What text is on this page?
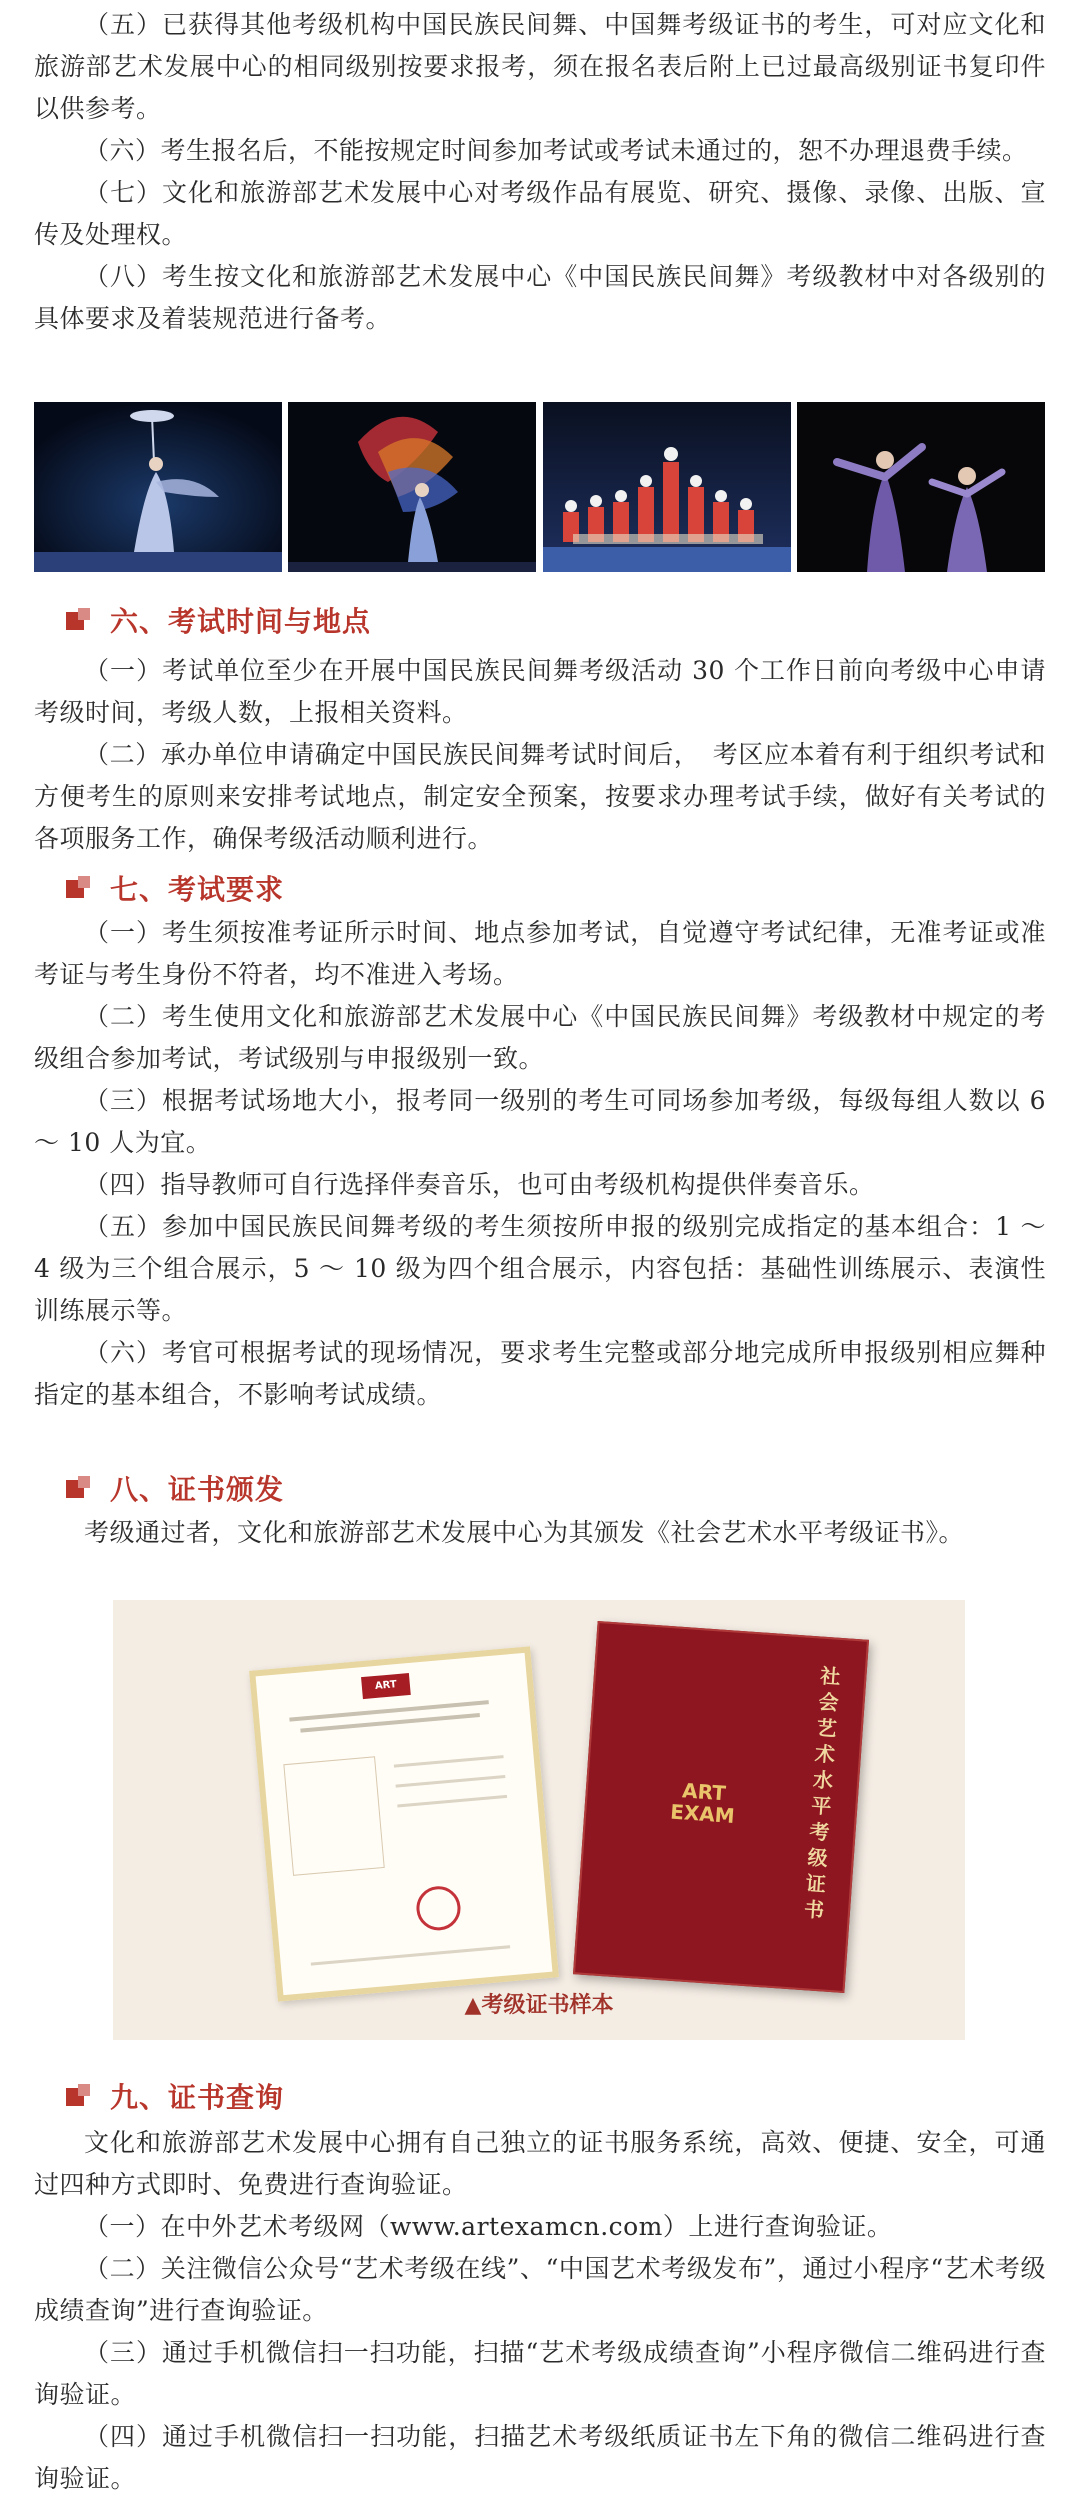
（五）已获得其他考级机构中国民族民间舞、中国舞考级证书的考生，可对应文化和旅游部艺术发展中心的相同级别按要求报考，须在报名表后附上已过最高级别证书复印件以供参考。

（六）考生报名后，不能按规定时间参加考试或考试未通过的，恕不办理退费手续。

（七）文化和旅游部艺术发展中心对考级作品有展览、研究、摄像、录像、出版、宣传及处理权。

（八）考生按文化和旅游部艺术发展中心《中国民族民间舞》考级教材中对各级别的具体要求及着装规范进行备考。

六、考试时间与地点

（一）考试单位至少在开展中国民族民间舞考级活动 30 个工作日前向考级中心申请考级时间，考级人数，上报相关资料。

（二）承办单位申请确定中国民族民间舞考试时间后，　考区应本着有利于组织考试和方便考生的原则来安排考试地点，制定安全预案，按要求办理考试手续，做好有关考试的各项服务工作，确保考级活动顺利进行。

七、考试要求

（一）考生须按准考证所示时间、地点参加考试，自觉遵守考试纪律，无准考证或准考证与考生身份不符者，均不准进入考场。

（二）考生使用文化和旅游部艺术发展中心《中国民族民间舞》考级教材中规定的考级组合参加考试，考试级别与申报级别一致。

（三）根据考试场地大小，报考同一级别的考生可同场参加考级，每级每组人数以 6 ～ 10 人为宜。

（四）指导教师可自行选择伴奏音乐，也可由考级机构提供伴奏音乐。

（五）参加中国民族民间舞考级的考生须按所申报的级别完成指定的基本组合：1 ～ 4 级为三个组合展示，5 ～ 10 级为四个组合展示，内容包括：基础性训练展示、表演性训练展示等。

（六）考官可根据考试的现场情况，要求考生完整或部分地完成所申报级别相应舞种指定的基本组合，不影响考试成绩。

八、证书颁发

考级通过者，文化和旅游部艺术发展中心为其颁发《社会艺术水平考级证书》。

ART
ART EXAM
社会艺术水平考级证书
▲考级证书样本
九、证书查询

文化和旅游部艺术发展中心拥有自己独立的证书服务系统，高效、便捷、安全，可通过四种方式即时、免费进行查询验证。

（一）在中外艺术考级网（www.artexamcn.com）上进行查询验证。

（二）关注微信公众号“艺术考级在线”、“中国艺术考级发布”，通过小程序“艺术考级成绩查询”进行查询验证。

（三）通过手机微信扫一扫功能，扫描“艺术考级成绩查询”小程序微信二维码进行查询验证。

（四）通过手机微信扫一扫功能，扫描艺术考级纸质证书左下角的微信二维码进行查询验证。
